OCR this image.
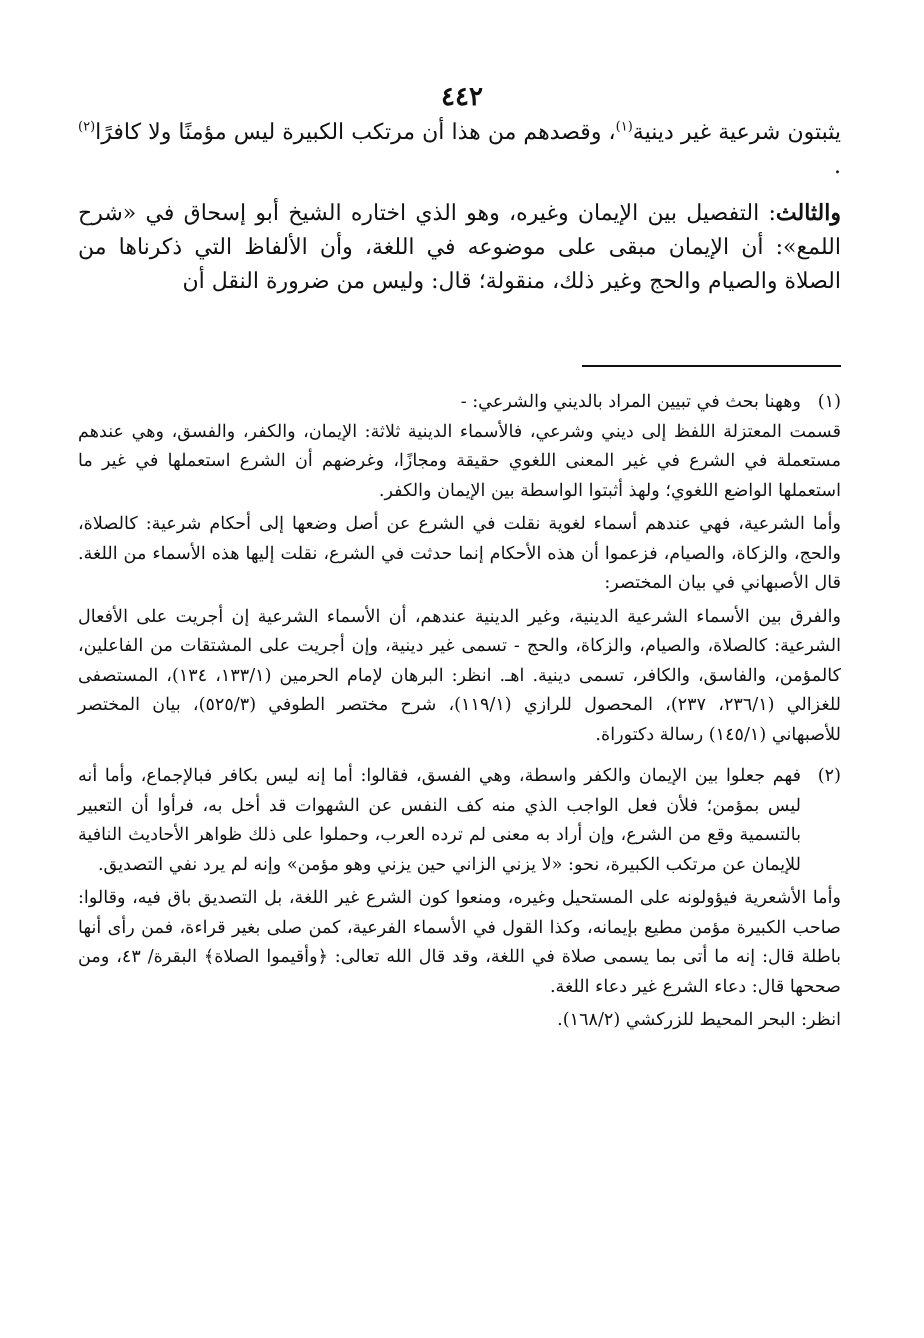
٤٤٢

يثبتون شرعية غير دينية$^{(١)}$، وقصدهم من هذا أن مرتكب الكبيرة ليس مؤمنًا ولا كافرًا$^{(٢)}$ .

والثالث: التفصيل بين الإيمان وغيره، وهو الذي اختاره الشيخ أبو إسحاق في «شرح اللمع»: أن الإيمان مبقى على موضوعه في اللغة، وأن الألفاظ التي ذكرناها من الصلاة والصيام والحج وغير ذلك، منقولة؛ قال: وليس من ضرورة النقل أن

(١)

وههنا بحث في تبيين المراد بالديني والشرعي: -

قسمت المعتزلة اللفظ إلى ديني وشرعي، فالأسماء الدينية ثلاثة: الإيمان، والكفر، والفسق، وهي عندهم مستعملة في الشرع في غير المعنى اللغوي حقيقة ومجازًا، وغرضهم أن الشرع استعملها في غير ما استعملها الواضع اللغوي؛ ولهذ أثبتوا الواسطة بين الإيمان والكفر.

وأما الشرعية، فهي عندهم أسماء لغوية نقلت في الشرع عن أصل وضعها إلى أحكام شرعية: كالصلاة، والحج، والزكاة، والصيام، فزعموا أن هذه الأحكام إنما حدثت في الشرع، نقلت إليها هذه الأسماء من اللغة. قال الأصبهاني في بيان المختصر:

والفرق بين الأسماء الشرعية الدينية، وغير الدينية عندهم، أن الأسماء الشرعية إن أجريت على الأفعال الشرعية: كالصلاة، والصيام، والزكاة، والحج - تسمى غير دينية، وإن أجريت على المشتقات من الفاعلين، كالمؤمن، والفاسق، والكافر، تسمى دينية. اهـ. انظر: البرهان لإمام الحرمين (١٣٣/١، ١٣٤)، المستصفى للغزالي (٢٣٦/١، ٢٣٧)، المحصول للرازي (١١٩/١)، شرح مختصر الطوفي (٥٢٥/٣)، بيان المختصر للأصبهاني (١٤٥/١) رسالة دكتوراة.

(٢)

فهم جعلوا بين الإيمان والكفر واسطة، وهي الفسق، فقالوا: أما إنه ليس بكافر فبالإجماع، وأما أنه ليس بمؤمن؛ فلأن فعل الواجب الذي منه كف النفس عن الشهوات قد أخل به، فرأوا أن التعبير بالتسمية وقع من الشرع، وإن أراد به معنى لم ترده العرب، وحملوا على ذلك ظواهر الأحاديث النافية للإيمان عن مرتكب الكبيرة، نحو: «لا يزني الزاني حين يزني وهو مؤمن» وإنه لم يرد نفي التصديق.

وأما الأشعرية فيؤولونه على المستحيل وغيره، ومنعوا كون الشرع غير اللغة، بل التصديق باق فيه، وقالوا: صاحب الكبيرة مؤمن مطيع بإيمانه، وكذا القول في الأسماء الفرعية، كمن صلى بغير قراءة، فمن رأى أنها باطلة قال: إنه ما أتى بما يسمى صلاة في اللغة، وقد قال الله تعالى: ﴿وأقيموا الصلاة﴾ البقرة/ ٤٣، ومن صححها قال: دعاء الشرع غير دعاء اللغة.

انظر: البحر المحيط للزركشي (١٦٨/٢).
